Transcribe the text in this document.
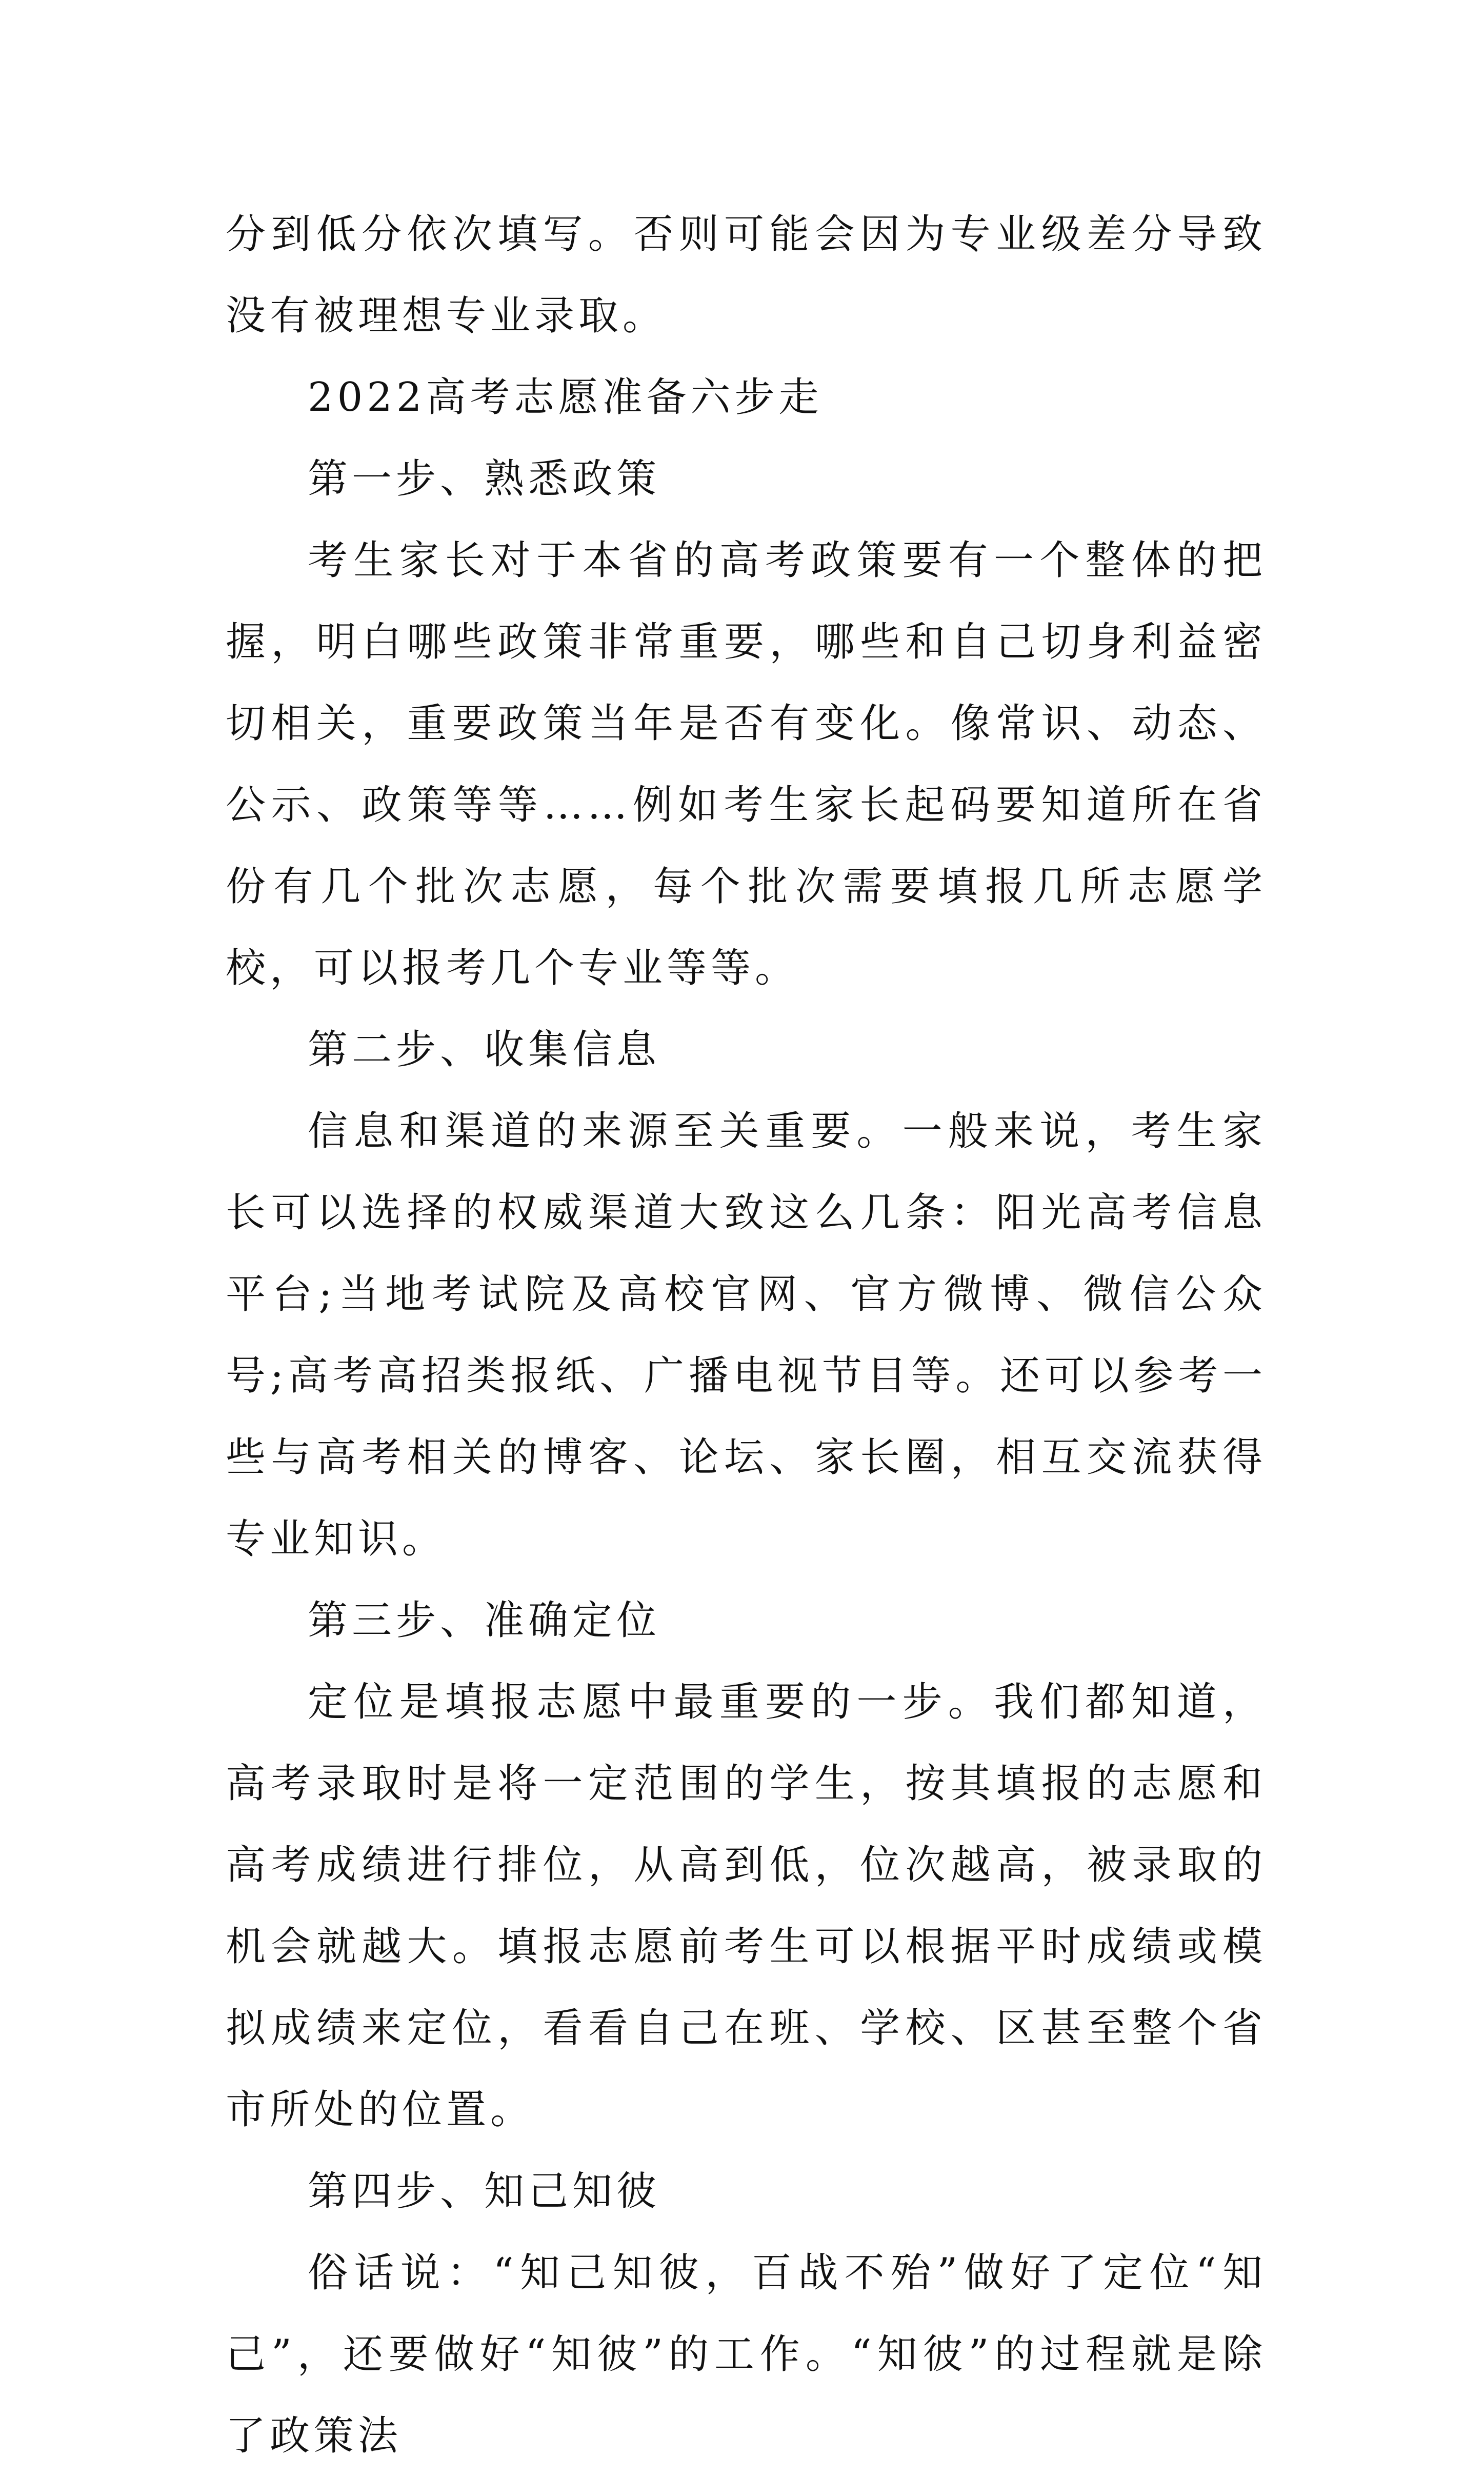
分到低分依次填写。否则可能会因为专业级差分导致没有被理想专业录取。

2022高考志愿准备六步走

第一步、熟悉政策

考生家长对于本省的高考政策要有一个整体的把握，明白哪些政策非常重要，哪些和自己切身利益密切相关，重要政策当年是否有变化。像常识、动态、公示、政策等等……例如考生家长起码要知道所在省份有几个批次志愿，每个批次需要填报几所志愿学校，可以报考几个专业等等。

第二步、收集信息

信息和渠道的来源至关重要。一般来说，考生家长可以选择的权威渠道大致这么几条：阳光高考信息平台;当地考试院及高校官网、官方微博、微信公众号;高考高招类报纸、广播电视节目等。还可以参考一些与高考相关的博客、论坛、家长圈，相互交流获得专业知识。

第三步、准确定位

定位是填报志愿中最重要的一步。我们都知道，高考录取时是将一定范围的学生，按其填报的志愿和高考成绩进行排位，从高到低，位次越高，被录取的机会就越大。填报志愿前考生可以根据平时成绩或模拟成绩来定位，看看自己在班、学校、区甚至整个省市所处的位置。

第四步、知己知彼

俗话说：“知己知彼，百战不殆”做好了定位“知己”，还要做好“知彼”的工作。“知彼”的过程就是除了政策法
